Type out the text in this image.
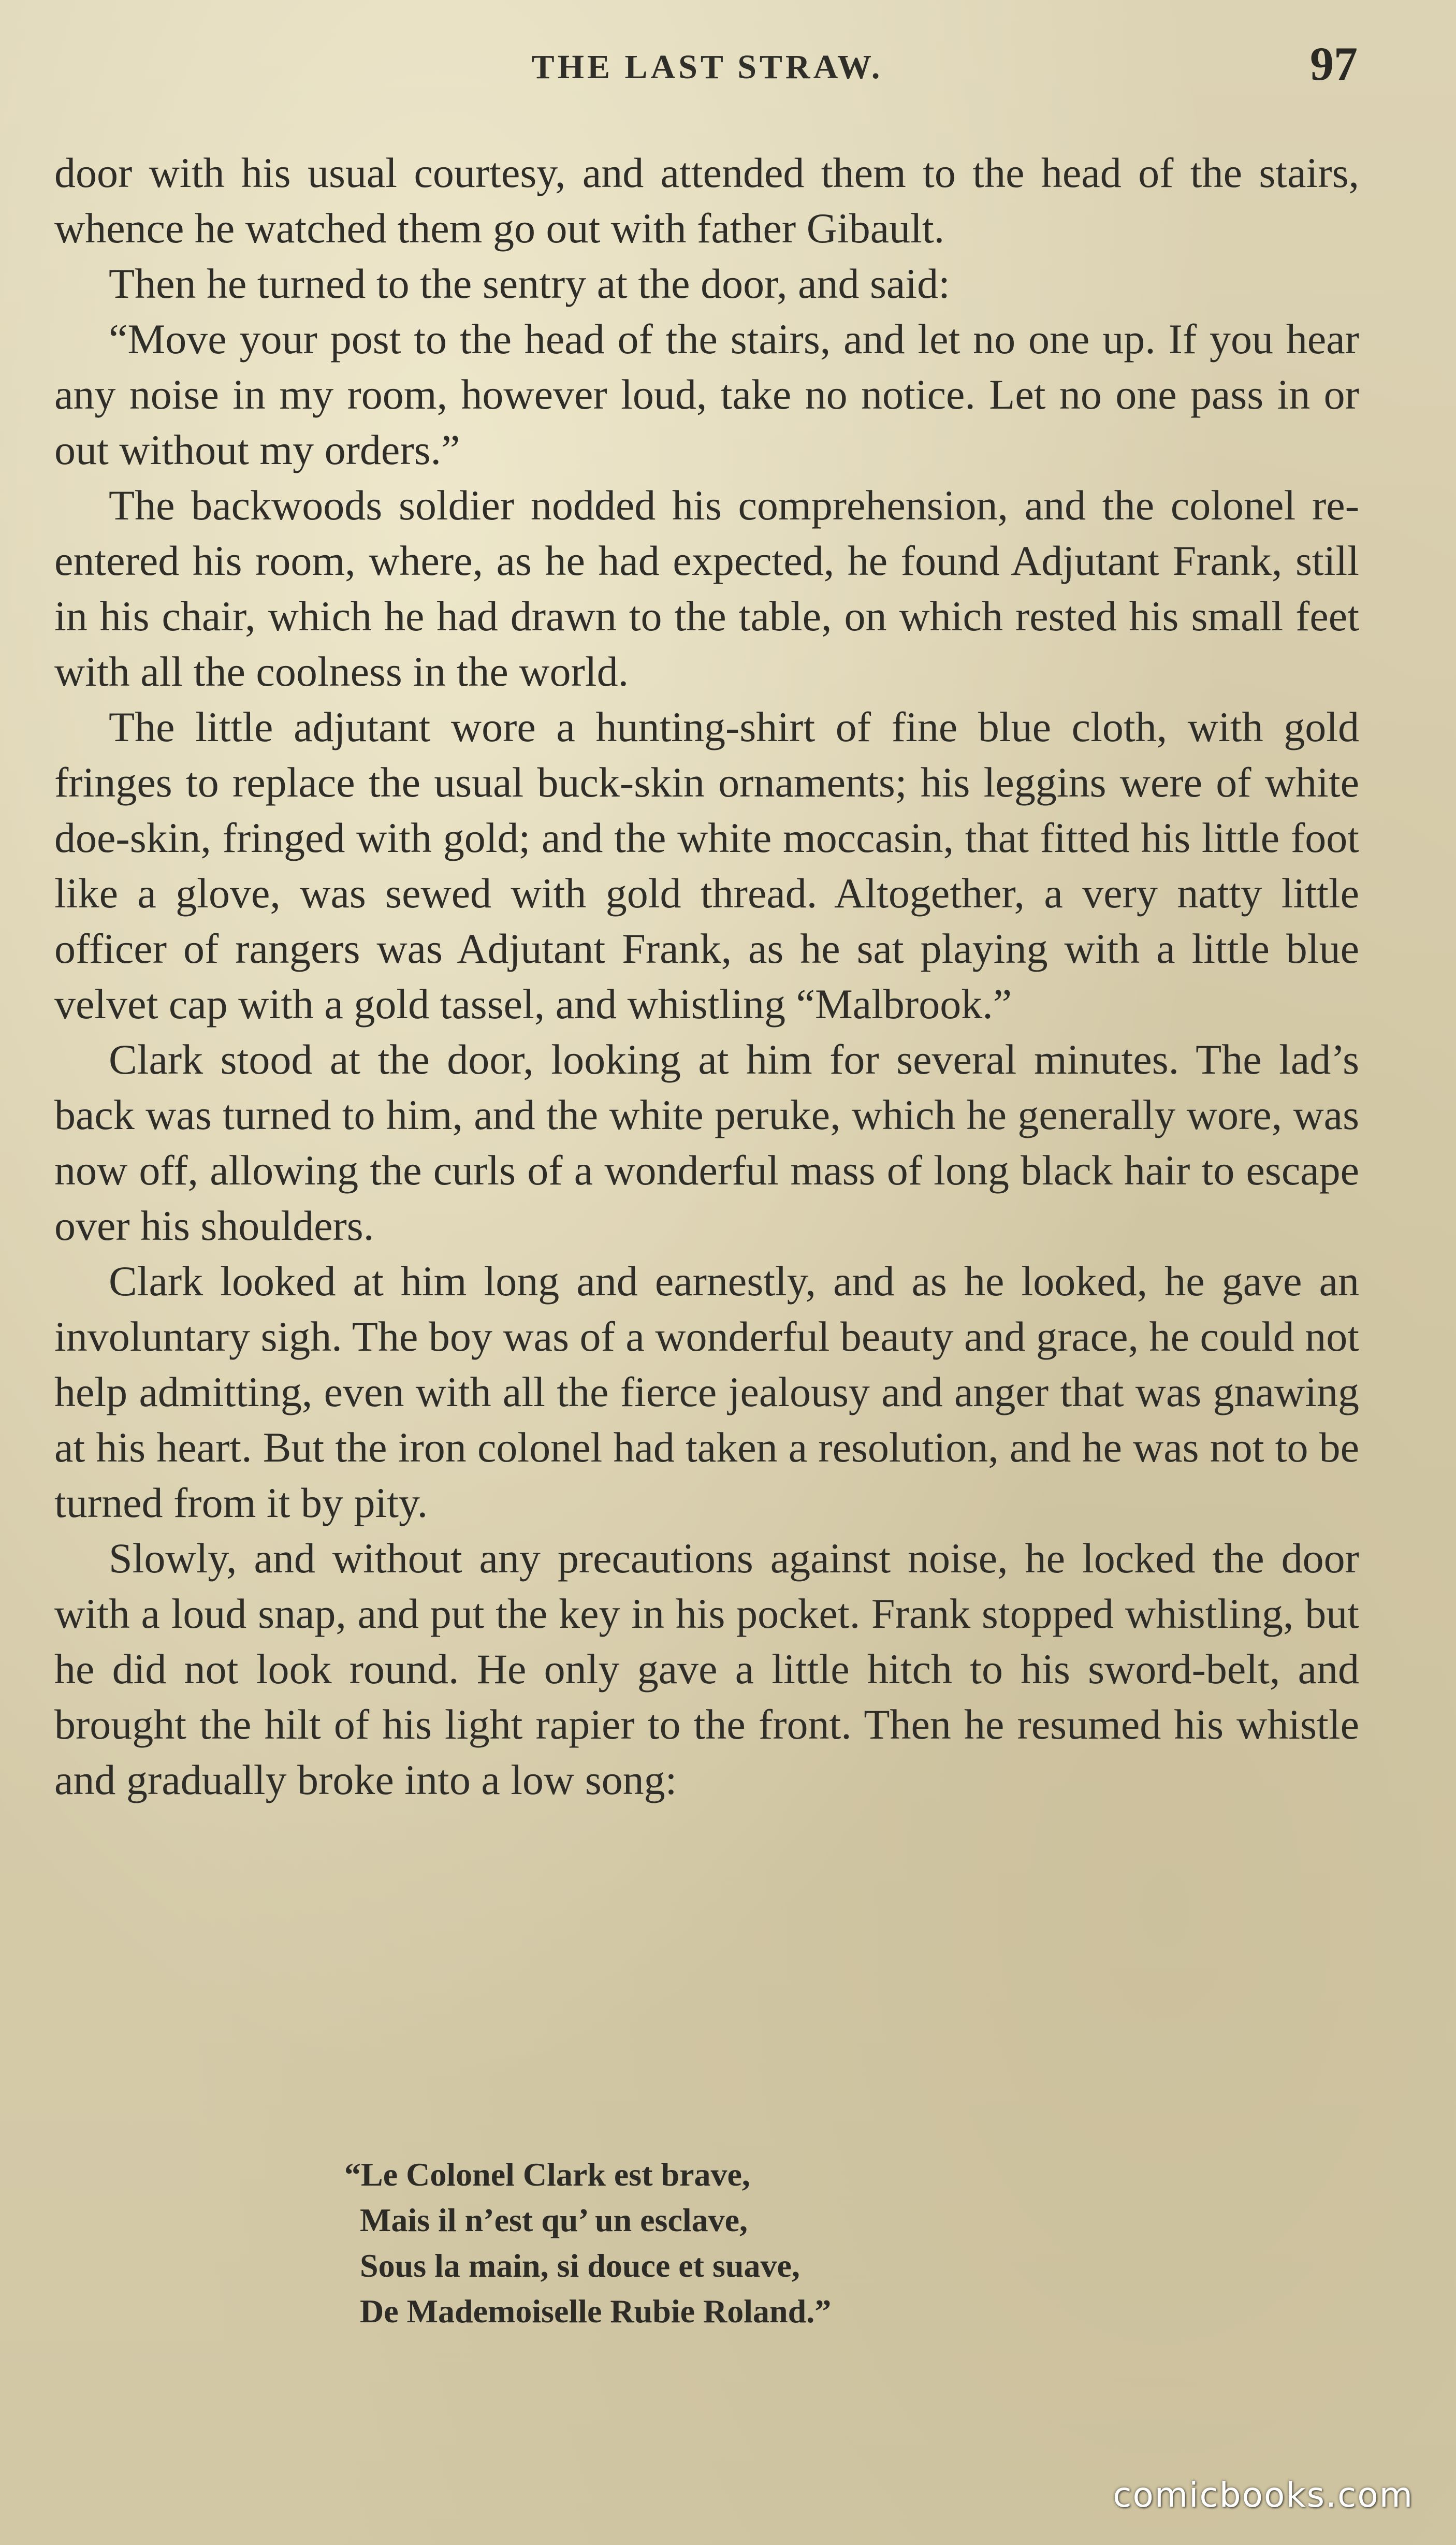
THE LAST STRAW.	97

door with his usual courtesy, and attended them to the head of the stairs, whence he watched them go out with father Gibault.

Then he turned to the sentry at the door, and said:

“Move your post to the head of the stairs, and let no one up. If you hear any noise in my room, however loud, take no notice. Let no one pass in or out without my orders.”

The backwoods soldier nodded his comprehension, and the colonel re-entered his room, where, as he had expected, he found Adjutant Frank, still in his chair, which he had drawn to the table, on which rested his small feet with all the coolness in the world.

The little adjutant wore a hunting-shirt of fine blue cloth, with gold fringes to replace the usual buck-skin ornaments; his leggins were of white doe-skin, fringed with gold; and the white moccasin, that fitted his little foot like a glove, was sewed with gold thread. Altogether, a very natty little officer of rangers was Adjutant Frank, as he sat playing with a little blue velvet cap with a gold tassel, and whistling “Malbrook.”

Clark stood at the door, looking at him for several minutes. The lad’s back was turned to him, and the white peruke, which he generally wore, was now off, allowing the curls of a wonderful mass of long black hair to escape over his shoulders.

Clark looked at him long and earnestly, and as he looked, he gave an involuntary sigh. The boy was of a wonderful beauty and grace, he could not help admitting, even with all the fierce jealousy and anger that was gnawing at his heart. But the iron colonel had taken a resolution, and he was not to be turned from it by pity.

Slowly, and without any precautions against noise, he locked the door with a loud snap, and put the key in his pocket. Frank stopped whistling, but he did not look round. He only gave a little hitch to his sword-belt, and brought the hilt of his light rapier to the front. Then he resumed his whistle and gradually broke into a low song:

“Le Colonel Clark est brave,
Mais il n’est qu’ un esclave,
Sous la main, si douce et suave,
De Mademoiselle Rubie Roland.”
comicbooks.com
